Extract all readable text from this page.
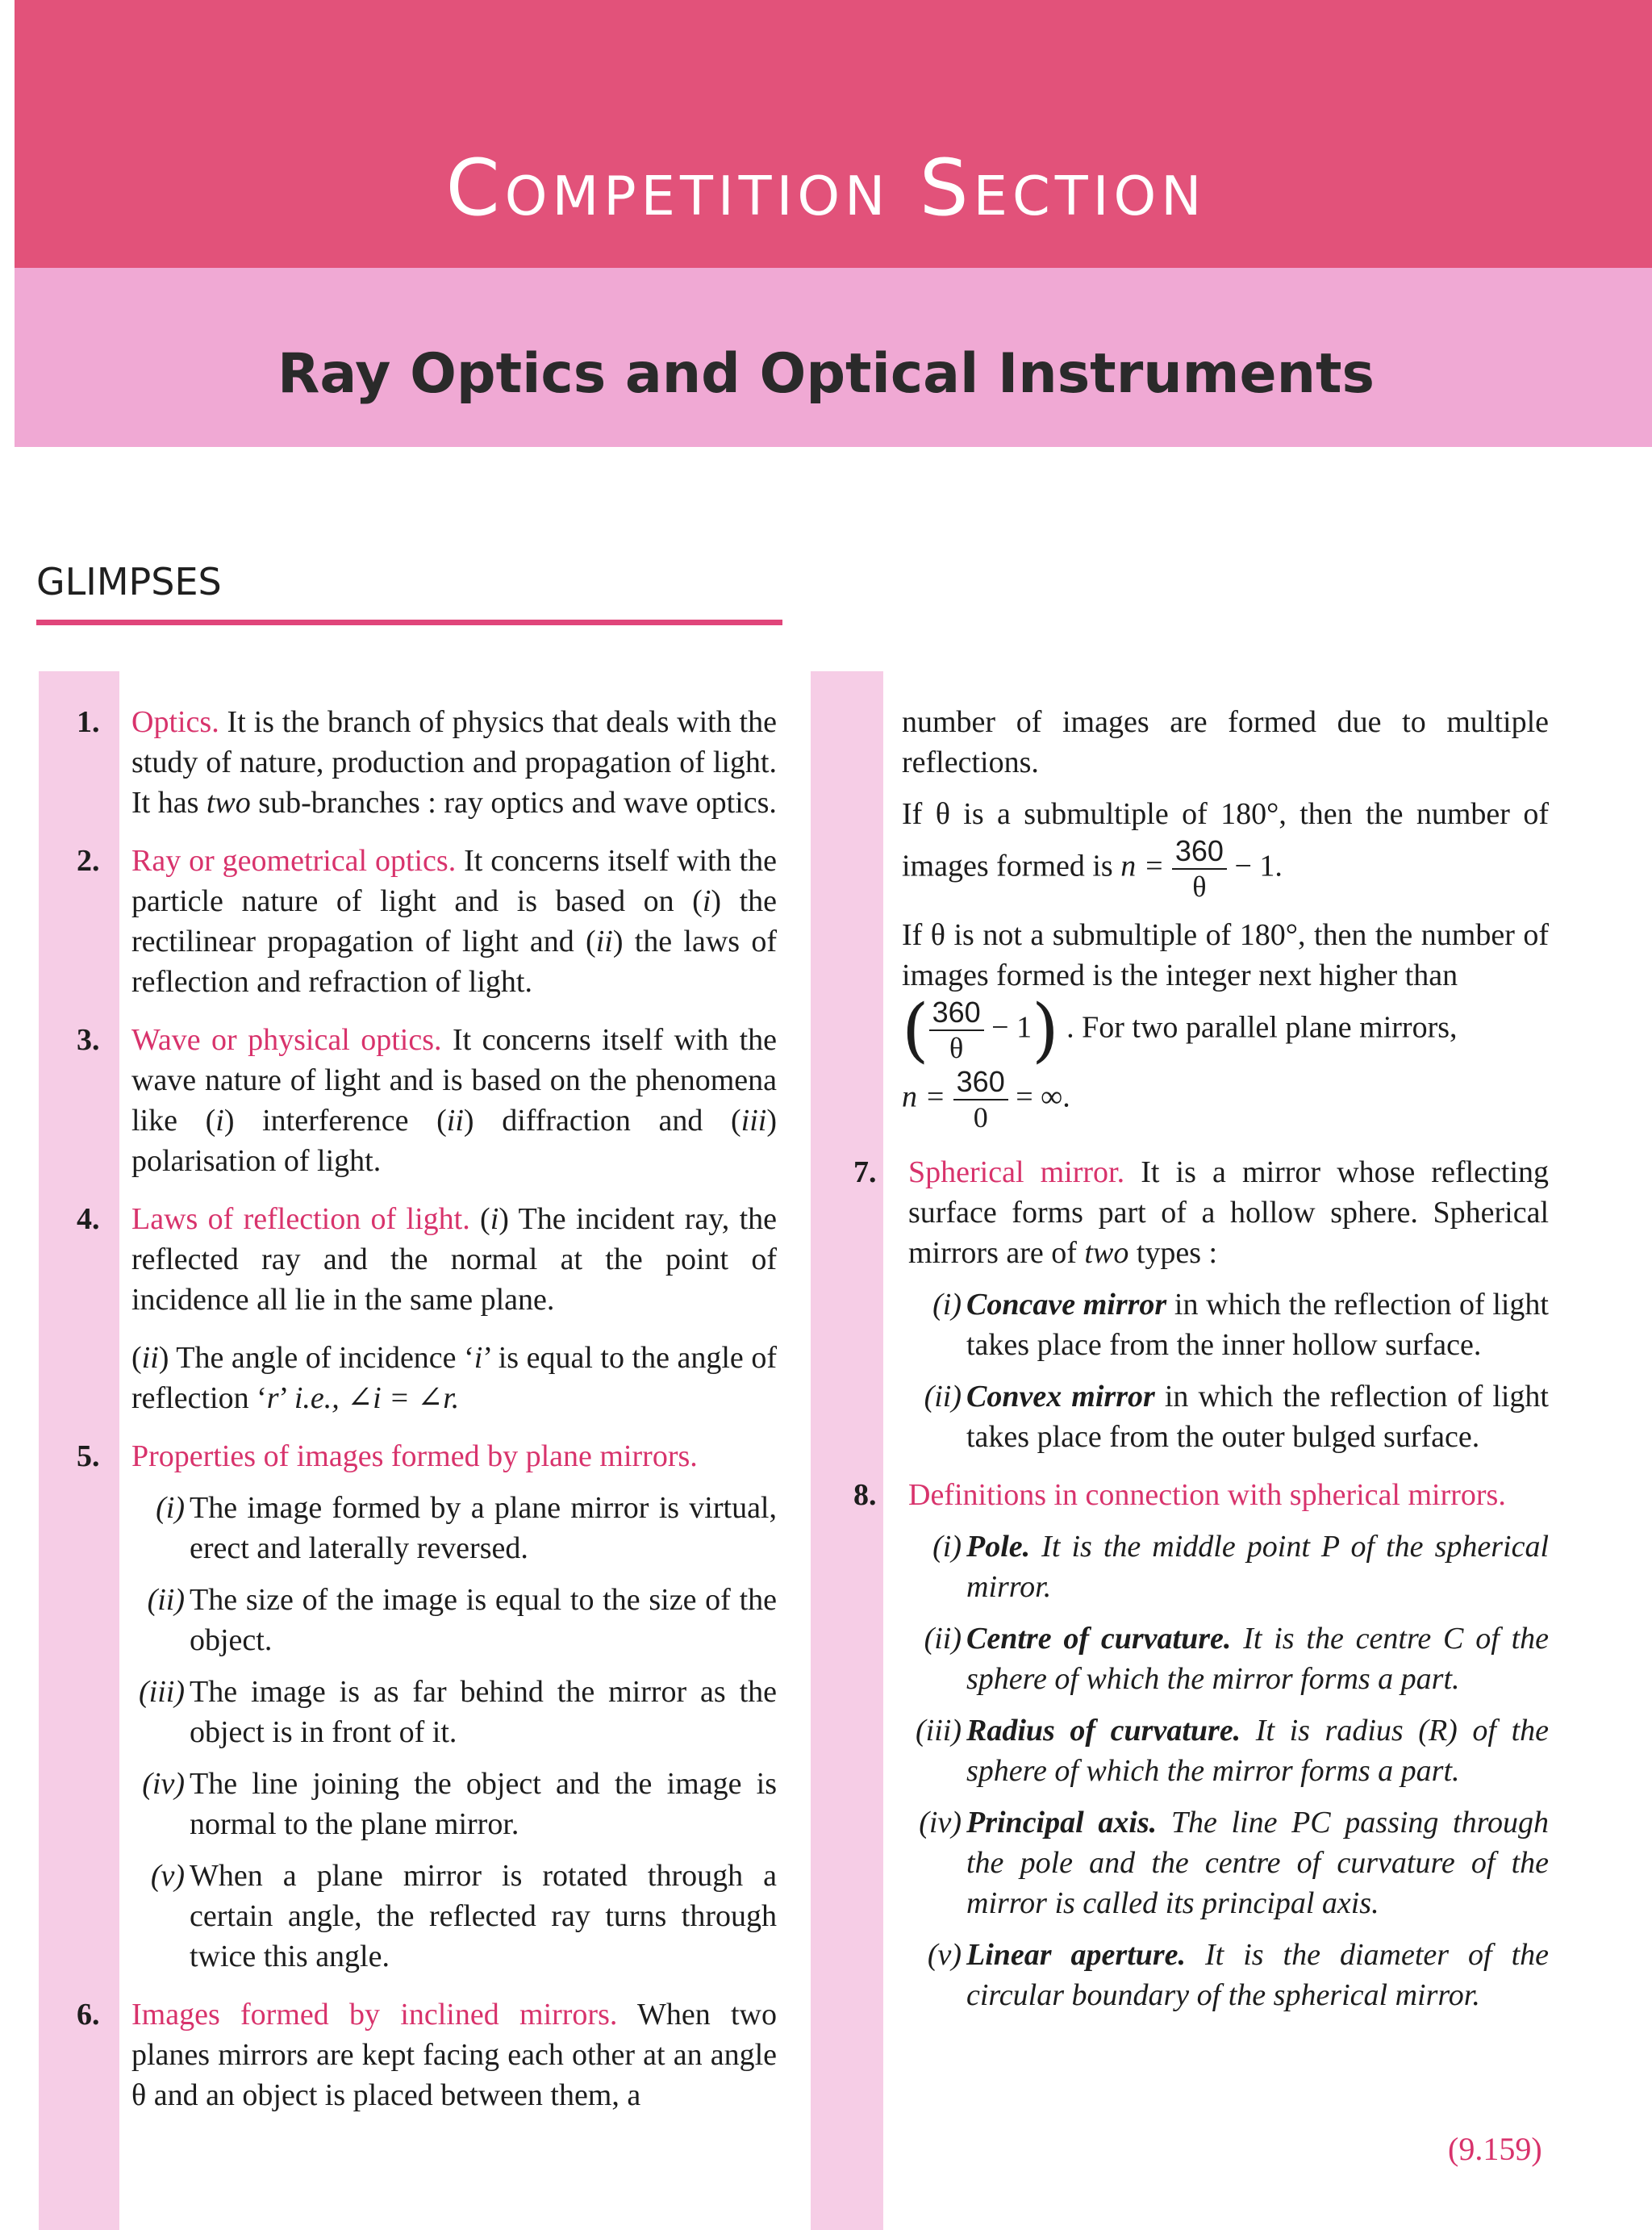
Competition Section
Ray Optics and Optical Instruments
GLIMPSES
1. Optics. It is the branch of physics that deals with the study of nature, production and propagation of light. It has two sub-branches : ray optics and wave optics.
2. Ray or geometrical optics. It concerns itself with the particle nature of light and is based on (i) the rectilinear propagation of light and (ii) the laws of reflection and refraction of light.
3. Wave or physical optics. It concerns itself with the wave nature of light and is based on the phenomena like (i) interference (ii) diffraction and (iii) polarisation of light.
4. Laws of reflection of light. (i) The incident ray, the reflected ray and the normal at the point of incidence all lie in the same plane.

(ii) The angle of incidence ‘i’ is equal to the angle of reflection ‘r’ i.e., ∠i = ∠r.

5. Properties of images formed by plane mirrors.

(i) The image formed by a plane mirror is virtual, erect and laterally reversed.
(ii) The size of the image is equal to the size of the object.
(iii) The image is as far behind the mirror as the object is in front of it.
(iv) The line joining the object and the image is normal to the plane mirror.
(v) When a plane mirror is rotated through a certain angle, the reflected ray turns through twice this angle.
6. Images formed by inclined mirrors. When two planes mirrors are kept facing each other at an angle θ and an object is placed between them, a

number of images are formed due to multiple reflections.

If θ is a submultiple of 180°, then the number of images formed is $n = \frac{360}{\theta} - 1$.

If θ is not a submultiple of 180°, then the number of images formed is the integer next higher than

( $\frac{360}{\theta} - 1$) . For two parallel plane mirrors,

$n = \frac{360}{0}$ = ∞.

7. Spherical mirror. It is a mirror whose reflecting surface forms part of a hollow sphere. Spherical mirrors are of two types :

(i) Concave mirror in which the reflection of light takes place from the inner hollow surface.
(ii) Convex mirror in which the reflection of light takes place from the outer bulged surface.
8. Definitions in connection with spherical mirrors.

(i) Pole. It is the middle point P of the spherical mirror.
(ii) Centre of curvature. It is the centre C of the sphere of which the mirror forms a part.
(iii) Radius of curvature. It is radius (R) of the sphere of which the mirror forms a part.
(iv) Principal axis. The line PC passing through the pole and the centre of curvature of the mirror is called its principal axis.
(v) Linear aperture. It is the diameter of the circular boundary of the spherical mirror.
(9.159)
